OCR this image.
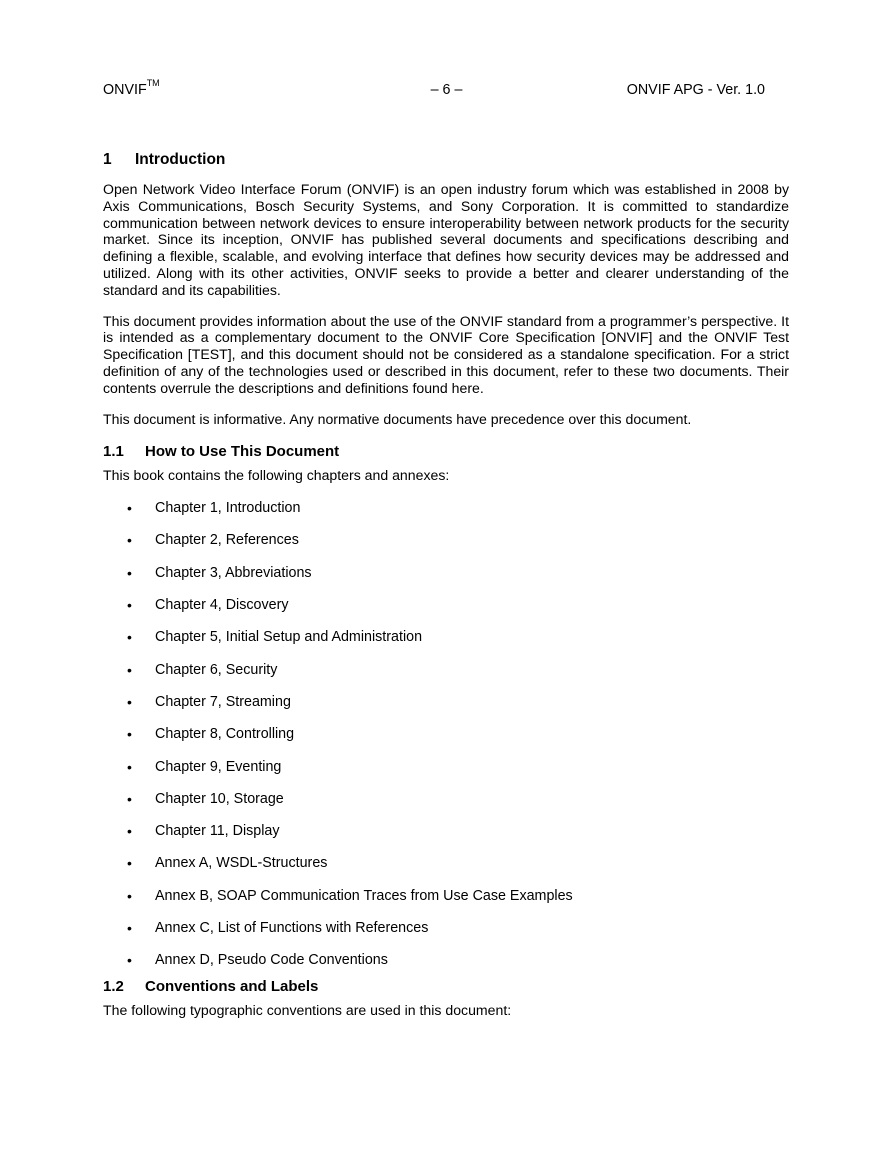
ONVIF™	– 6 –	ONVIF APG - Ver. 1.0
1 Introduction

Open Network Video Interface Forum (ONVIF) is an open industry forum which was established in 2008 by Axis Communications, Bosch Security Systems, and Sony Corporation. It is committed to standardize communication between network devices to ensure interoperability between network products for the security market. Since its inception, ONVIF has published several documents and specifications describing and defining a flexible, scalable, and evolving interface that defines how security devices may be addressed and utilized. Along with its other activities, ONVIF seeks to provide a better and clearer understanding of the standard and its capabilities.

This document provides information about the use of the ONVIF standard from a programmer’s perspective. It is intended as a complementary document to the ONVIF Core Specification [ONVIF] and the ONVIF Test Specification [TEST], and this document should not be considered as a standalone specification. For a strict definition of any of the technologies used or described in this document, refer to these two documents. Their contents overrule the descriptions and definitions found here.

This document is informative. Any normative documents have precedence over this document.

1.1 How to Use This Document

This book contains the following chapters and annexes:

• Chapter 1, Introduction
• Chapter 2, References
• Chapter 3, Abbreviations
• Chapter 4, Discovery
• Chapter 5, Initial Setup and Administration
• Chapter 6, Security
• Chapter 7, Streaming
• Chapter 8, Controlling
• Chapter 9, Eventing
• Chapter 10, Storage
• Chapter 11, Display
• Annex A, WSDL-Structures
• Annex B, SOAP Communication Traces from Use Case Examples
• Annex C, List of Functions with References
• Annex D, Pseudo Code Conventions
1.2 Conventions and Labels

The following typographic conventions are used in this document:
